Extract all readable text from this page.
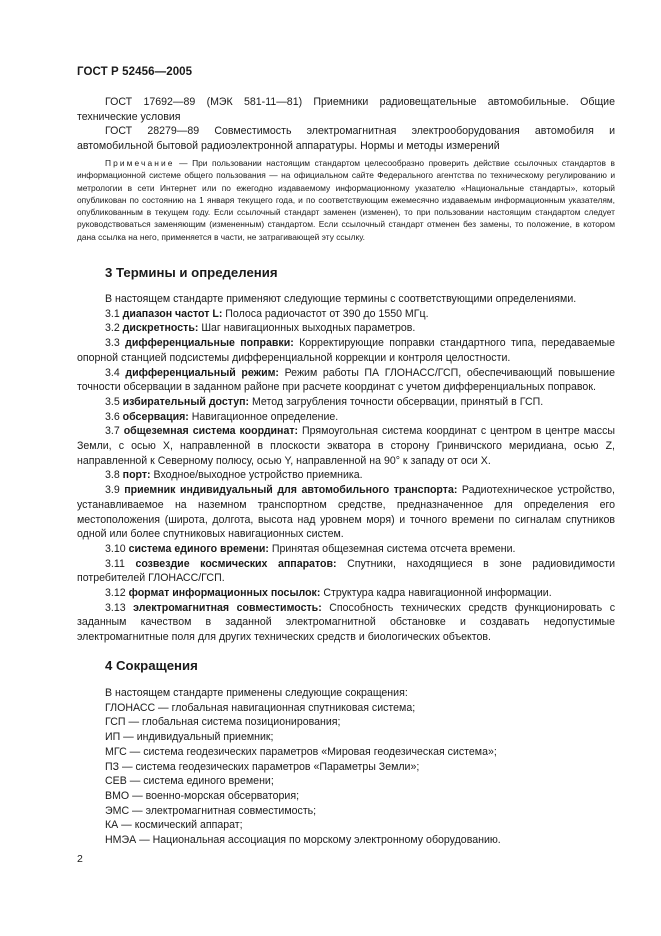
ГОСТ Р 52456—2005

ГОСТ 17692—89 (МЭК 581-11—81) Приемники радиовещательные автомобильные. Общие технические условия

ГОСТ 28279—89 Совместимость электромагнитная электрооборудования автомобиля и автомобильной бытовой радиоэлектронной аппаратуры. Нормы и методы измерений

Примечание — При пользовании настоящим стандартом целесообразно проверить действие ссылочных стандартов в информационной системе общего пользования — на официальном сайте Федерального агентства по техническому регулированию и метрологии в сети Интернет или по ежегодно издаваемому информационному указателю «Национальные стандарты», который опубликован по состоянию на 1 января текущего года, и по соответствующим ежемесячно издаваемым информационным указателям, опубликованным в текущем году. Если ссылочный стандарт заменен (изменен), то при пользовании настоящим стандартом следует руководствоваться заменяющим (измененным) стандартом. Если ссылочный стандарт отменен без замены, то положение, в котором дана ссылка на него, применяется в части, не затрагивающей эту ссылку.

3 Термины и определения

В настоящем стандарте применяют следующие термины с соответствующими определениями.

3.1 диапазон частот L: Полоса радиочастот от 390 до 1550 МГц.

3.2 дискретность: Шаг навигационных выходных параметров.

3.3 дифференциальные поправки: Корректирующие поправки стандартного типа, передаваемые опорной станцией подсистемы дифференциальной коррекции и контроля целостности.

3.4 дифференциальный режим: Режим работы ПА ГЛОНАСС/ГСП, обеспечивающий повышение точности обсервации в заданном районе при расчете координат с учетом дифференциальных поправок.

3.5 избирательный доступ: Метод загрубления точности обсервации, принятый в ГСП.

3.6 обсервация: Навигационное определение.

3.7 общеземная система координат: Прямоугольная система координат с центром в центре массы Земли, с осью X, направленной в плоскости экватора в сторону Гринвичского меридиана, осью Z, направленной к Северному полюсу, осью Y, направленной на 90° к западу от оси X.

3.8 порт: Входное/выходное устройство приемника.

3.9 приемник индивидуальный для автомобильного транспорта: Радиотехническое устройство, устанавливаемое на наземном транспортном средстве, предназначенное для определения его местоположения (широта, долгота, высота над уровнем моря) и точного времени по сигналам спутников одной или более спутниковых навигационных систем.

3.10 система единого времени: Принятая общеземная система отсчета времени.

3.11 созвездие космических аппаратов: Спутники, находящиеся в зоне радиовидимости потребителей ГЛОНАСС/ГСП.

3.12 формат информационных посылок: Структура кадра навигационной информации.

3.13 электромагнитная совместимость: Способность технических средств функционировать с заданным качеством в заданной электромагнитной обстановке и создавать недопустимые электромагнитные поля для других технических средств и биологических объектов.

4 Сокращения

В настоящем стандарте применены следующие сокращения:

ГЛОНАСС — глобальная навигационная спутниковая система;

ГСП — глобальная система позиционирования;

ИП — индивидуальный приемник;

МГС — система геодезических параметров «Мировая геодезическая система»;

ПЗ — система геодезических параметров «Параметры Земли»;

СЕВ — система единого времени;

ВМО — военно-морская обсерватория;

ЭМС — электромагнитная совместимость;

КА — космический аппарат;

НМЭА — Национальная ассоциация по морскому электронному оборудованию.

2
